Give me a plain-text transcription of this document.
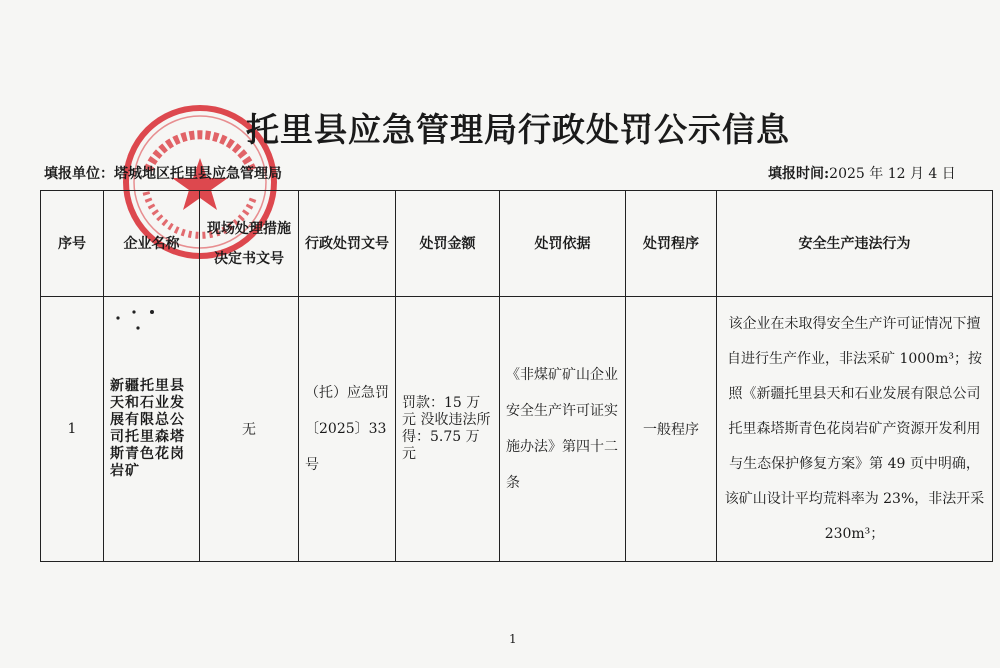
托里县应急管理局行政处罚公示信息
填报单位：塔城地区托里县应急管理局	填报时间:2025 年 12 月 4 日
序号	企业名称	现场处理措施决定书文号	行政处罚文号	处罚金额	处罚依据	处罚程序	安全生产违法行为
1	新疆托里县天和石业发展有限总公司托里森塔斯青色花岗岩矿	无	（托）应急罚〔2025〕33 号	罚款：15 万元 没收违法所得：5.75 万元	《非煤矿矿山企业安全生产许可证实施办法》第四十二条	一般程序	该企业在未取得安全生产许可证情况下擅自进行生产作业，非法采矿 1000m³；按照《新疆托里县天和石业发展有限总公司托里森塔斯青色花岗岩矿产资源开发利用与生态保护修复方案》第 49 页中明确，该矿山设计平均荒料率为 23%，非法开采 230m³；
1
